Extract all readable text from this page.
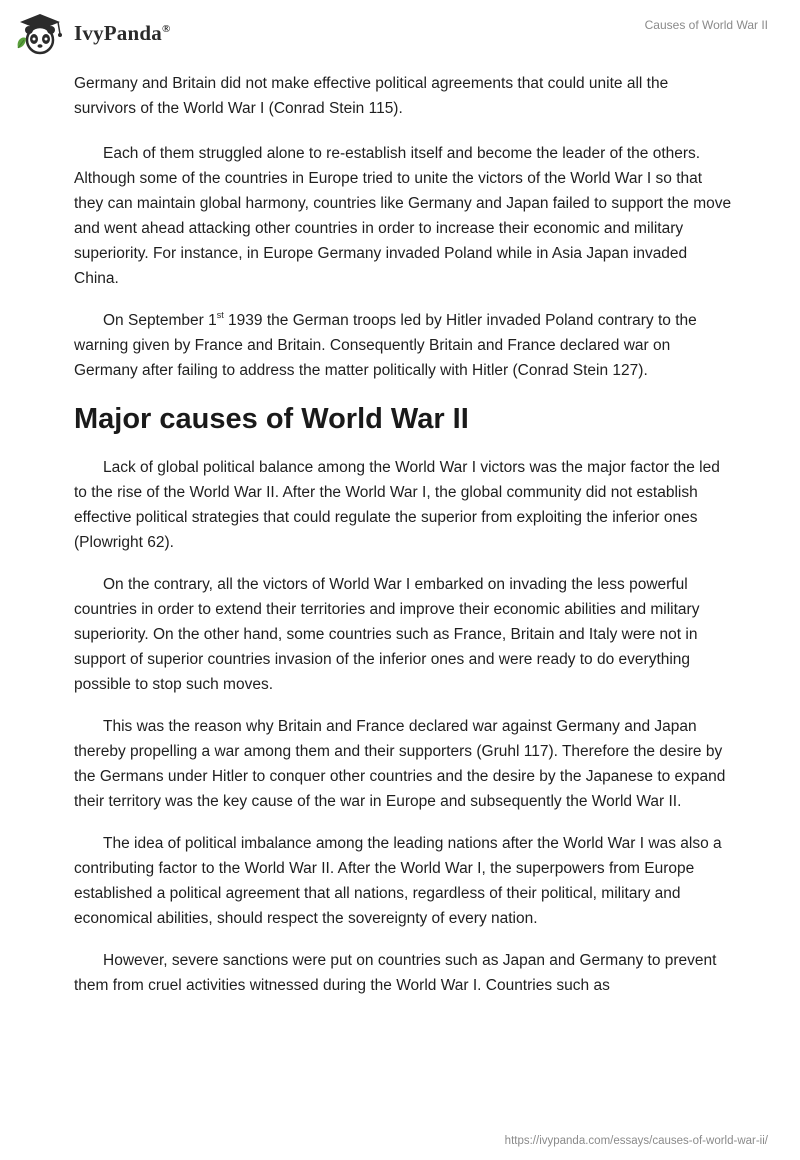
IvyPanda®	Causes of World War II

Germany and Britain did not make effective political agreements that could unite all the survivors of the World War I (Conrad Stein 115).

Each of them struggled alone to re-establish itself and become the leader of the others. Although some of the countries in Europe tried to unite the victors of the World War I so that they can maintain global harmony, countries like Germany and Japan failed to support the move and went ahead attacking other countries in order to increase their economic and military superiority. For instance, in Europe Germany invaded Poland while in Asia Japan invaded China.

On September 1st 1939 the German troops led by Hitler invaded Poland contrary to the warning given by France and Britain. Consequently Britain and France declared war on Germany after failing to address the matter politically with Hitler (Conrad Stein 127).

Major causes of World War II

Lack of global political balance among the World War I victors was the major factor the led to the rise of the World War II. After the World War I, the global community did not establish effective political strategies that could regulate the superior from exploiting the inferior ones (Plowright 62).

On the contrary, all the victors of World War I embarked on invading the less powerful countries in order to extend their territories and improve their economic abilities and military superiority. On the other hand, some countries such as France, Britain and Italy were not in support of superior countries invasion of the inferior ones and were ready to do everything possible to stop such moves.

This was the reason why Britain and France declared war against Germany and Japan thereby propelling a war among them and their supporters (Gruhl 117). Therefore the desire by the Germans under Hitler to conquer other countries and the desire by the Japanese to expand their territory was the key cause of the war in Europe and subsequently the World War II.

The idea of political imbalance among the leading nations after the World War I was also a contributing factor to the World War II. After the World War I, the superpowers from Europe established a political agreement that all nations, regardless of their political, military and economical abilities, should respect the sovereignty of every nation.

However, severe sanctions were put on countries such as Japan and Germany to prevent them from cruel activities witnessed during the World War I. Countries such as

https://ivypanda.com/essays/causes-of-world-war-ii/
